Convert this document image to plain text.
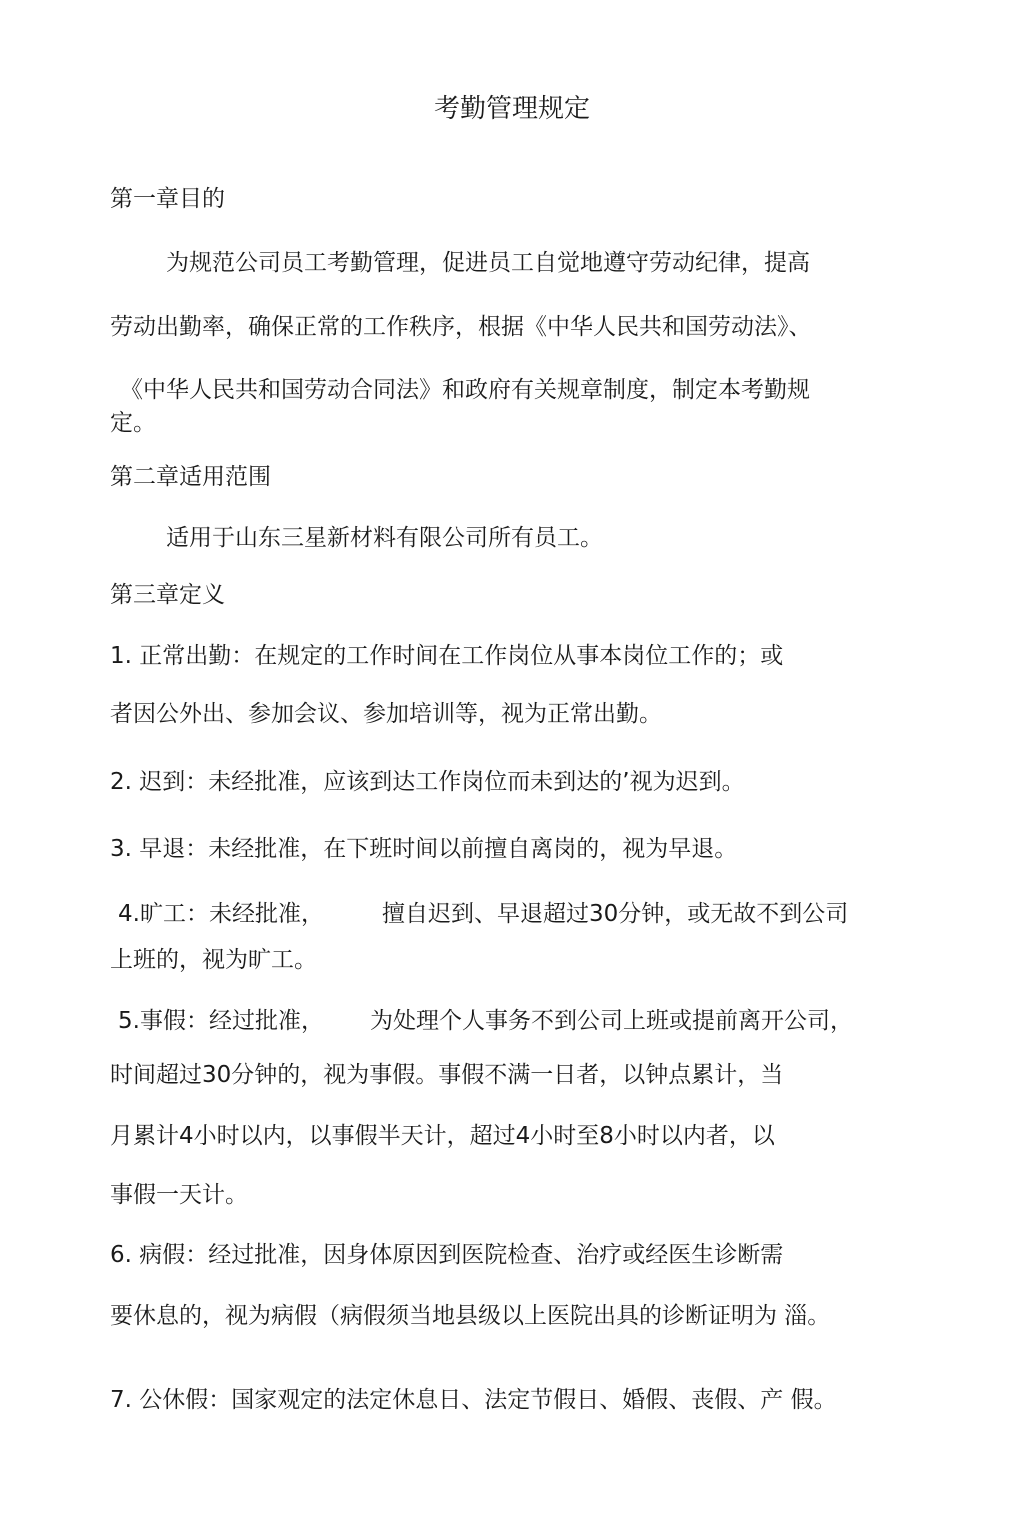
考勤管理规定
第一章目的
为规范公司员工考勤管理，促进员工自觉地遵守劳动纪律，提高
劳动出勤率，确保正常的工作秩序，根据《中华人民共和国劳动法》、
《中华人民共和国劳动合同法》和政府有关规章制度，制定本考勤规
定。
第二章适用范围
适用于山东三星新材料有限公司所有员工。
第三章定义
1. 正常出勤：在规定的工作时间在工作岗位从事本岗位工作的；或
者因公外出、参加会议、参加培训等，视为正常出勤。
2. 迟到：未经批准，应该到达工作岗位而未到达的’视为迟到。
3. 早退：未经批准，在下班时间以前擅自离岗的，视为早退。
4.旷工：未经批准，	擅自迟到、早退超过30分钟，或无故不到公司
上班的，视为旷工。
5.事假：经过批准， 为处理个人事务不到公司上班或提前离开公司，
时间超过30分钟的，视为事假。事假不满一日者，以钟点累计，当
月累计4小时以内，以事假半天计，超过4小时至8小时以内者，以
事假一天计。
6. 病假：经过批准，因身体原因到医院检查、治疗或经医生诊断需
要休息的，视为病假（病假须当地县级以上医院出具的诊断证明为 淄。
7. 公休假：国家观定的法定休息日、法定节假日、婚假、丧假、产 假。
